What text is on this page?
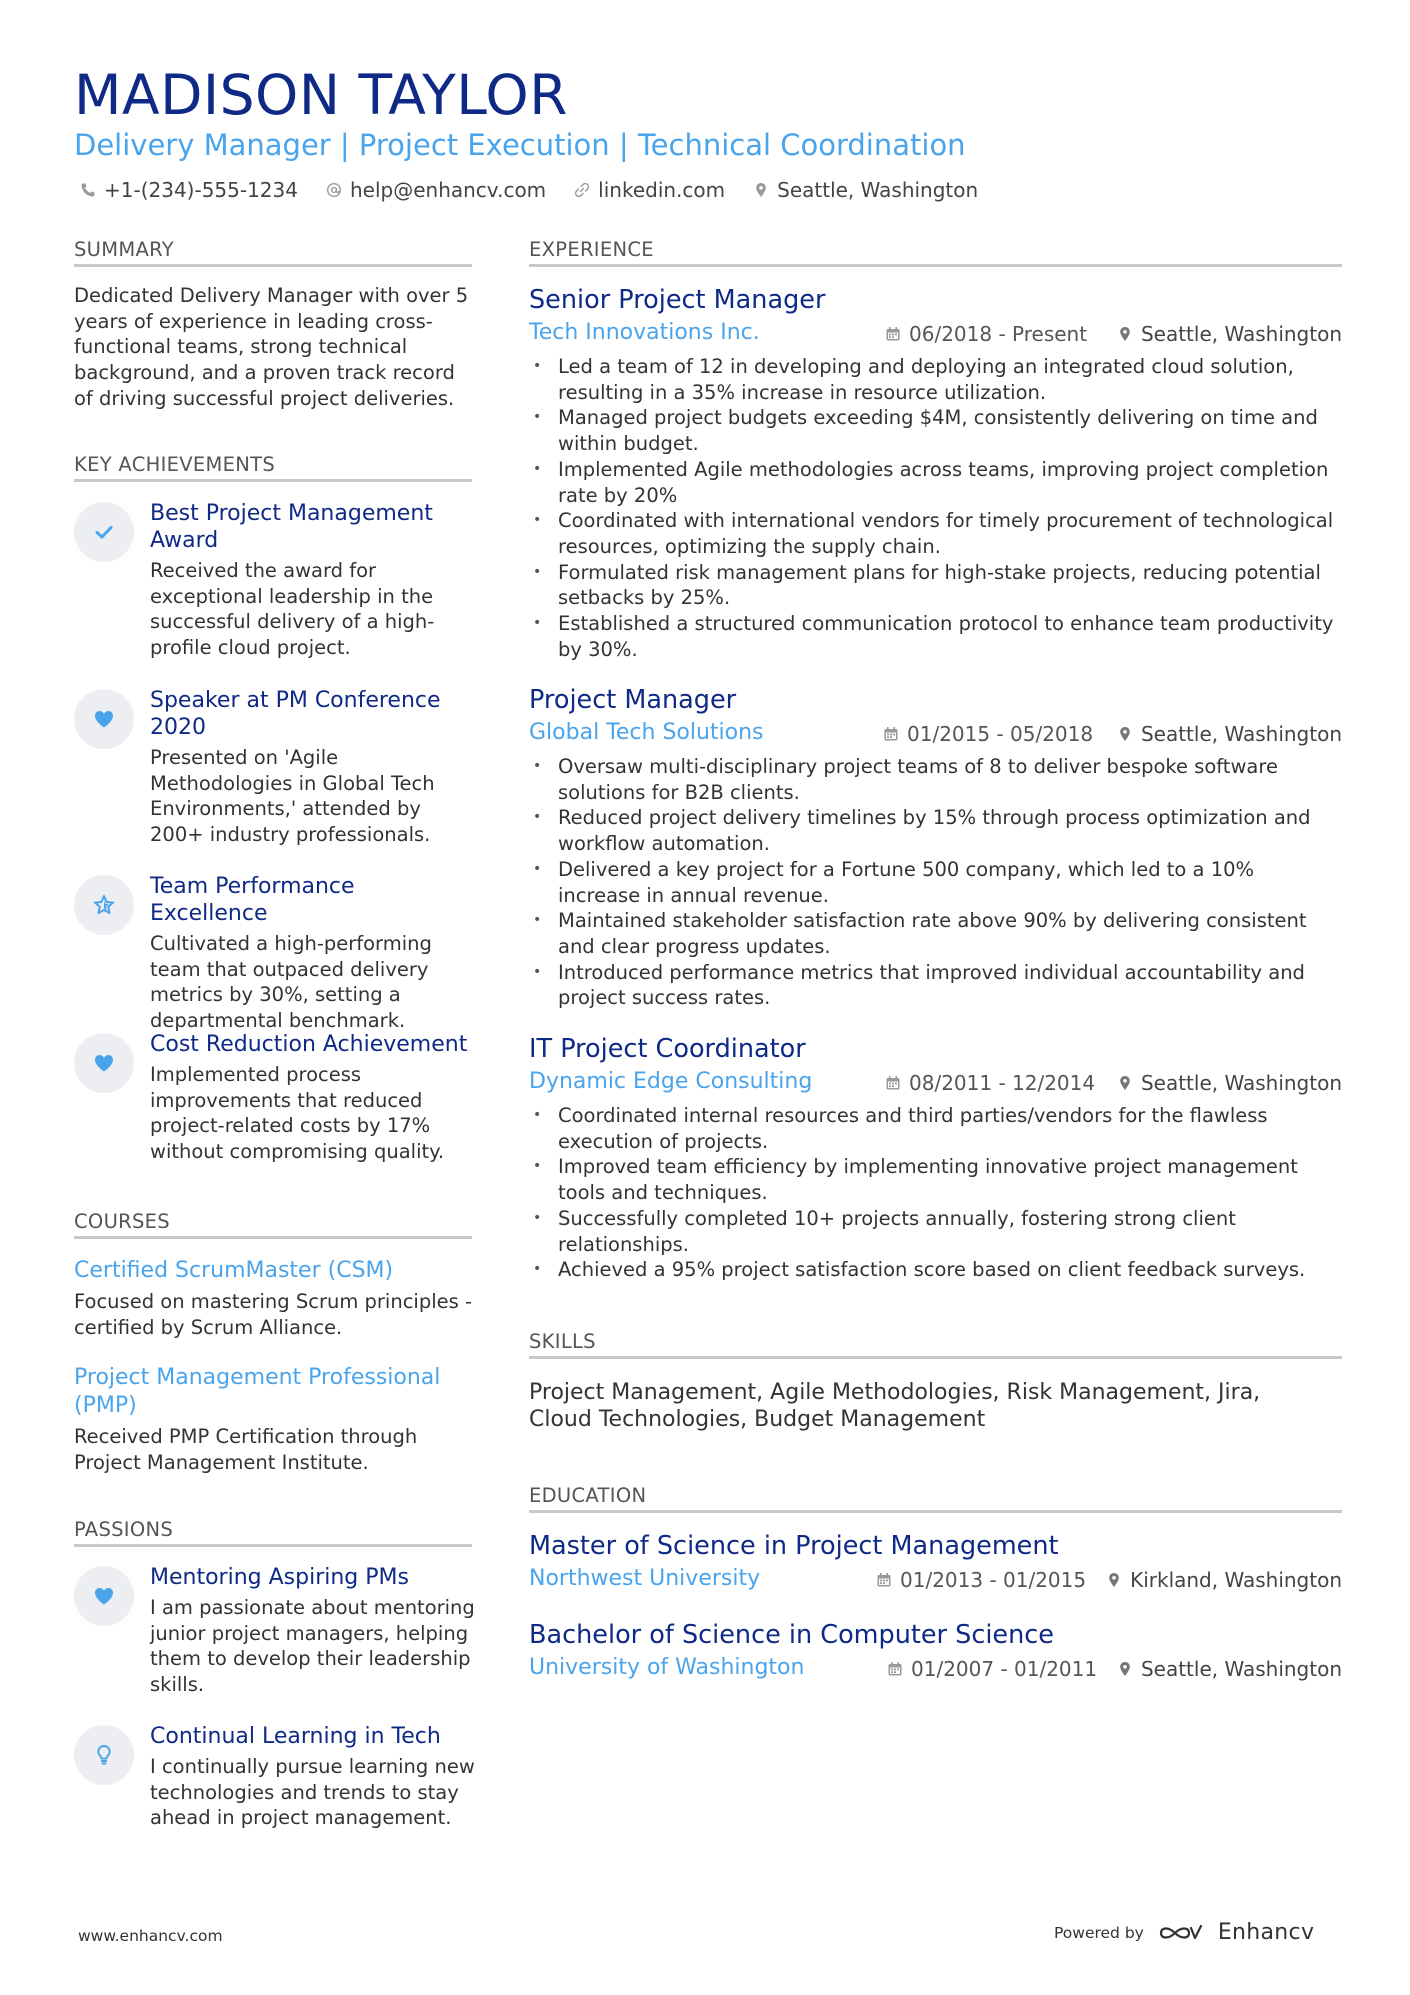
MADISON TAYLOR
Delivery Manager | Project Execution | Technical Coordination
+1-(234)-555-1234	help@enhancv.com	linkedin.com	Seattle, Washington
SUMMARY
Dedicated Delivery Manager with over 5 years of experience in leading cross-functional teams, strong technical background, and a proven track record of driving successful project deliveries.
KEY ACHIEVEMENTS
Best Project Management Award
Received the award for exceptional leadership in the successful delivery of a high-profile cloud project.
Speaker at PM Conference 2020
Presented on 'Agile Methodologies in Global Tech Environments,' attended by 200+ industry professionals.
Team Performance Excellence
Cultivated a high-performing team that outpaced delivery metrics by 30%, setting a departmental benchmark.
Cost Reduction Achievement
Implemented process improvements that reduced project-related costs by 17% without compromising quality.
COURSES
Certified ScrumMaster (CSM)
Focused on mastering Scrum principles - certified by Scrum Alliance.
Project Management Professional (PMP)
Received PMP Certification through Project Management Institute.
PASSIONS
Mentoring Aspiring PMs
I am passionate about mentoring junior project managers, helping them to develop their leadership skills.
Continual Learning in Tech
I continually pursue learning new technologies and trends to stay ahead in project management.
EXPERIENCE
Senior Project Manager
Tech Innovations Inc.	06/2018 - Present	Seattle, Washington
• Led a team of 12 in developing and deploying an integrated cloud solution, resulting in a 35% increase in resource utilization.
• Managed project budgets exceeding $4M, consistently delivering on time and within budget.
• Implemented Agile methodologies across teams, improving project completion rate by 20%
• Coordinated with international vendors for timely procurement of technological resources, optimizing the supply chain.
• Formulated risk management plans for high-stake projects, reducing potential setbacks by 25%.
• Established a structured communication protocol to enhance team productivity by 30%.
Project Manager
Global Tech Solutions	01/2015 - 05/2018 Seattle, Washington
• Oversaw multi-disciplinary project teams of 8 to deliver bespoke software solutions for B2B clients.
• Reduced project delivery timelines by 15% through process optimization and workflow automation.
• Delivered a key project for a Fortune 500 company, which led to a 10% increase in annual revenue.
• Maintained stakeholder satisfaction rate above 90% by delivering consistent and clear progress updates.
• Introduced performance metrics that improved individual accountability and project success rates.
IT Project Coordinator
Dynamic Edge Consulting	08/2011 - 12/2014 Seattle, Washington
• Coordinated internal resources and third parties/vendors for the flawless execution of projects.
• Improved team efficiency by implementing innovative project management tools and techniques.
• Successfully completed 10+ projects annually, fostering strong client relationships.
• Achieved a 95% project satisfaction score based on client feedback surveys.
SKILLS
Project Management, Agile Methodologies, Risk Management, Jira, Cloud Technologies, Budget Management
EDUCATION
Master of Science in Project Management
Northwest University	01/2013 - 01/2015 Kirkland, Washington
Bachelor of Science in Computer Science
University of Washington	01/2007 - 01/2011 Seattle, Washington
www.enhancv.com	Powered by	Enhancv
